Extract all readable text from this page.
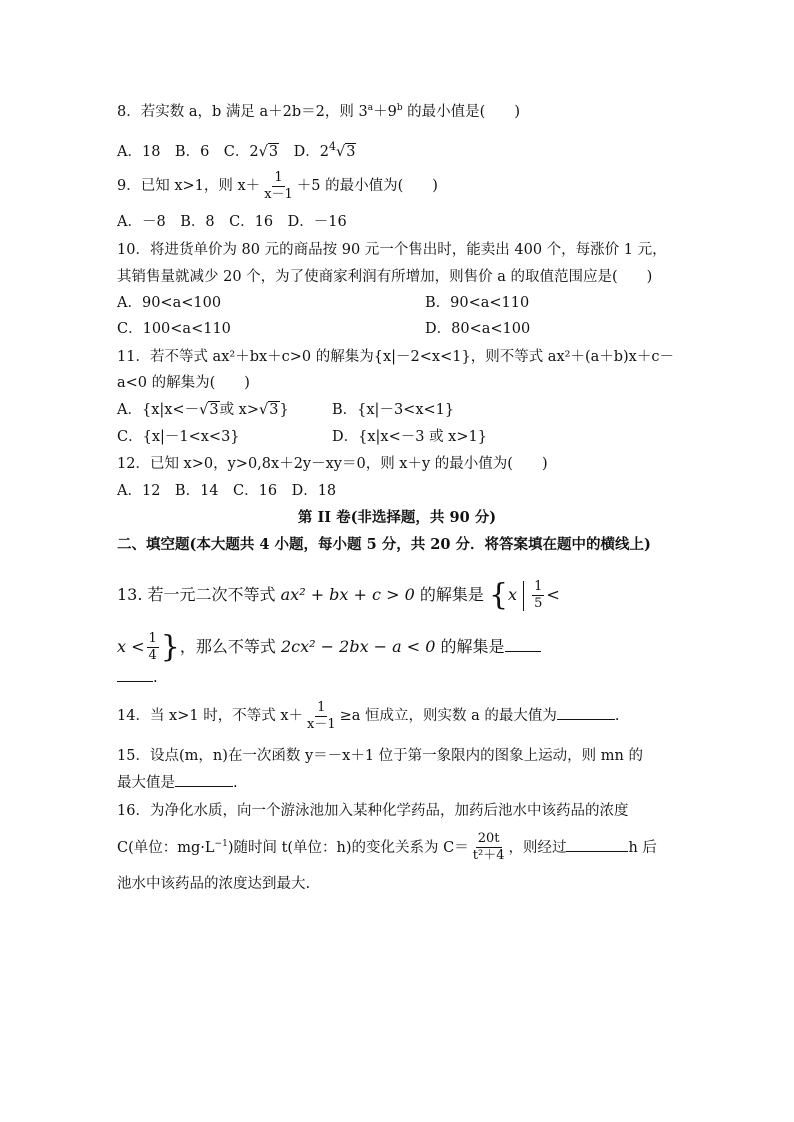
8．若实数 a，b 满足 a＋2b＝2，则 $3^a+9^b$ 的最小值是(　　)
A．18　B．6　C．2√3　D．$2^4√3$
9．已知 x>1，则 $x+ \frac{1}{x-1} +5$ 的最小值为(　　)
A．－8　B．8　C．16　D．－16
10．将进货单价为 80 元的商品按 90 元一个售出时，能卖出 400 个，每涨价 1 元，
其销售量就减少 20 个，为了使商家利润有所增加，则售价 a 的取值范围应是(　　)
A．90<a<100	B．90<a<110
C．100<a<110	D．80<a<100
11．若不等式 ax²＋bx＋c>0 的解集为{x|－2<x<1}，则不等式 ax²＋(a＋b)x＋c－
a<0 的解集为(　　)
A．{x|x<－√3或 x>√3}	B．{x|－3<x<1}
C．{x|－1<x<3}	D．{x|x<－3 或 x>1}
12．已知 x>0，y>0,8x＋2y－xy＝0，则 x＋y 的最小值为(　　)
A．12　B．14　C．16　D．18
第 II 卷(非选择题，共 90 分)
二、填空题(本大题共 4 小题，每小题 5 分，共 20 分．将答案填在题中的横线上)
13. 若一元二次不等式 ax² + bx + c > 0 的解集是 {$x \frac{1}{5}$ <
$x < \frac{1}{4}$ }，那么不等式 2cx² − 2bx − a < 0 的解集是
.
14．当 x>1 时，不等式 $x+ \frac{1}{x-1} \ge a$ 恒成立，则实数 a 的最大值为	.
15．设点(m，n)在一次函数 y＝－x＋1 位于第一象限内的图象上运动，则 mn 的
最大值是	.
16．为净化水质，向一个游泳池加入某种化学药品，加药后池水中该药品的浓度
C(单位：$mg\cdot L^{-1}$)随时间 t(单位：h)的变化关系为 $C= \frac{20t}{\text{t²＋4}}$ ，则经过	h 后
池水中该药品的浓度达到最大.
